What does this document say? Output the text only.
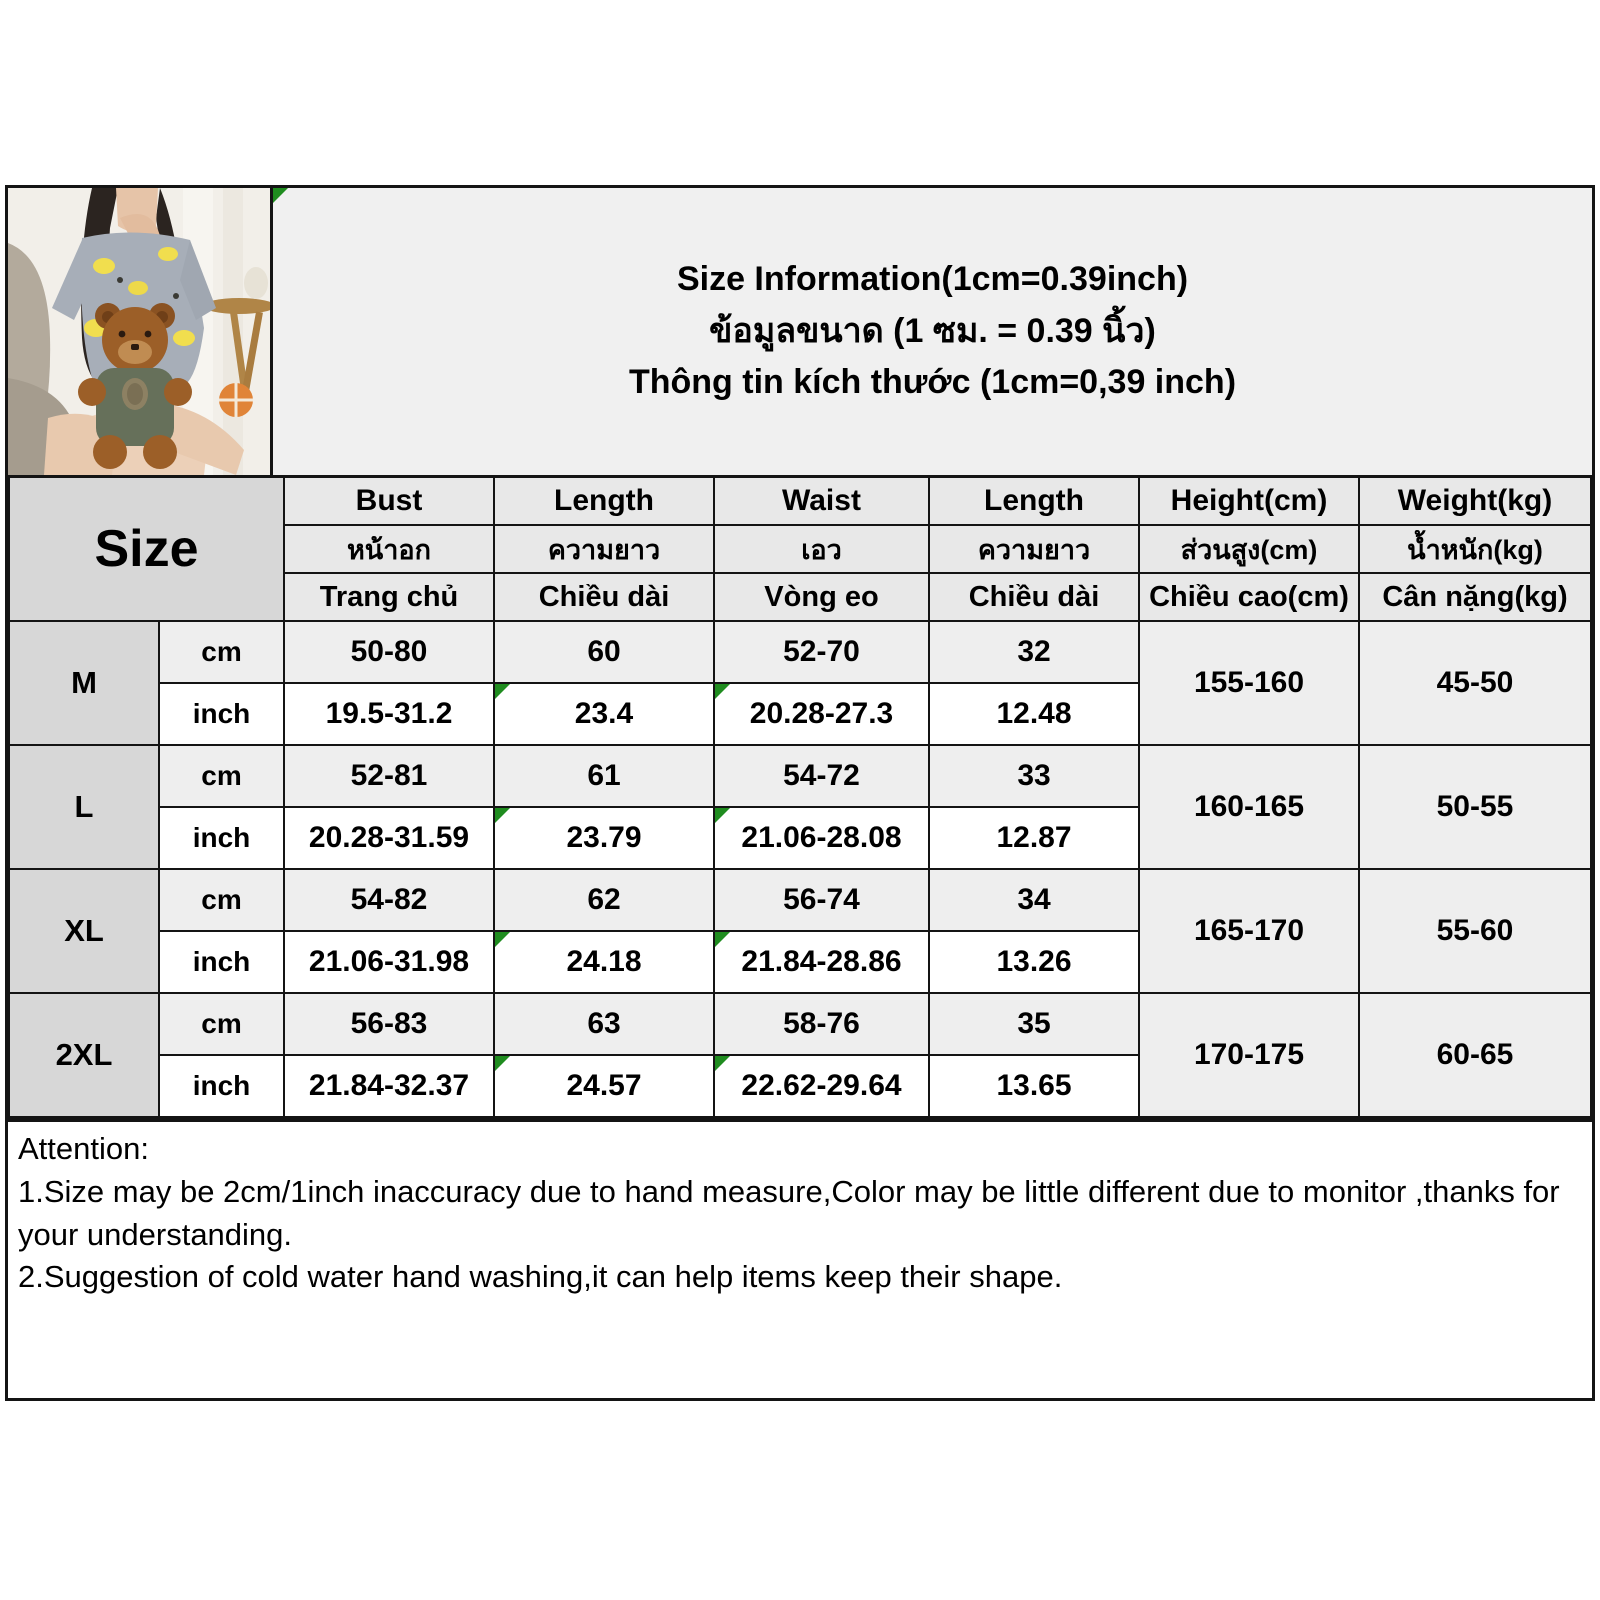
Size Information(1cm=0.39inch)
ข้อมูลขนาด (1 ซม. = 0.39 นิ้ว)
Thông tin kích thước (1cm=0,39 inch)
Size		Bust	Length	Waist	Length	Height(cm)	Weight(kg)
		หน้าอก	ความยาว	เอว	ความยาว	ส่วนสูง(cm)	น้ำหนัก(kg)
		Trang chủ	Chiều dài	Vòng eo	Chiều dài	Chiều cao(cm)	Cân nặng(kg)
M	cm	50-80	60	52-70	32	155-160	45-50
	inch	19.5-31.2	23.4	20.28-27.3	12.48		
L	cm	52-81	61	54-72	33	160-165	50-55
	inch	20.28-31.59	23.79	21.06-28.08	12.87		
XL	cm	54-82	62	56-74	34	165-170	55-60
	inch	21.06-31.98	24.18	21.84-28.86	13.26		
2XL	cm	56-83	63	58-76	35	170-175	60-65
	inch	21.84-32.37	24.57	22.62-29.64	13.65		

Attention:

1.Size may be 2cm/1inch inaccuracy due to hand measure,Color may be little different due to monitor ,thanks for your understanding.

2.Suggestion of cold water hand washing,it can help items keep their shape.
